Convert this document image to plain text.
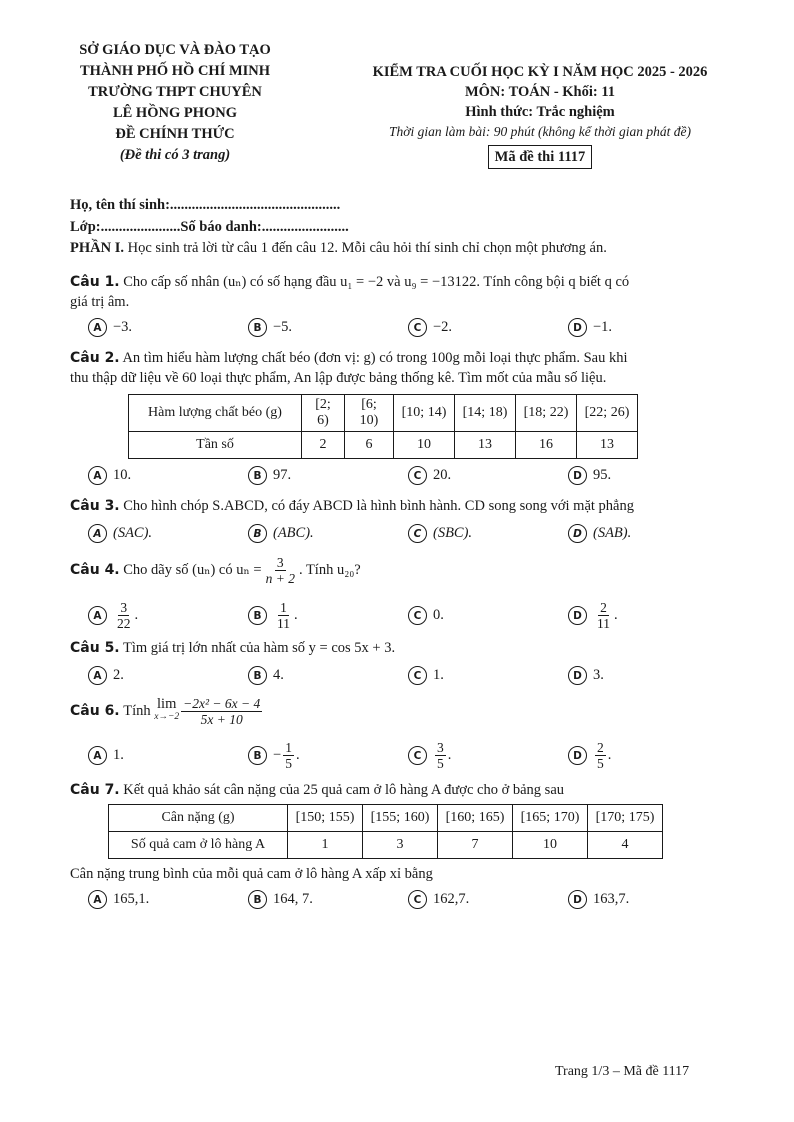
SỞ GIÁO DỤC VÀ ĐÀO TẠO
THÀNH PHỐ HỒ CHÍ MINH
TRƯỜNG THPT CHUYÊN
LÊ HỒNG PHONG
ĐỀ CHÍNH THỨC
(Đề thi có 3 trang)
KIỂM TRA CUỐI HỌC KỲ I NĂM HỌC 2025 - 2026
MÔN: TOÁN - Khối: 11
Hình thức: Trắc nghiệm
Thời gian làm bài: 90 phút (không kể thời gian phát đề)
Mã đề thi 1117
Họ, tên thí sinh:...............................................
Lớp:......................Số báo danh:........................
PHẦN I. Học sinh trả lời từ câu 1 đến câu 12. Mỗi câu hỏi thí sinh chỉ chọn một phương án.
Câu 1. Cho cấp số nhân (uₙ) có số hạng đầu u₁ = −2 và u₉ = −13122. Tính công bội q biết q có
giá trị âm.
A −3.	B −5.	C −2.	D −1.
Câu 2. An tìm hiểu hàm lượng chất béo (đơn vị: g) có trong 100g mỗi loại thực phẩm. Sau khi
thu thập dữ liệu về 60 loại thực phẩm, An lập được bảng thống kê. Tìm mốt của mẫu số liệu.
Hàm lượng chất béo (g)	[2; 6)	[6; 10)	[10; 14)	[14; 18)	[18; 22)	[22; 26)
Tần số	2	6	10	13	16	13
A 10.	B 97.	C 20.	D 95.
Câu 3. Cho hình chóp S.ABCD, có đáy ABCD là hình bình hành. CD song song với mặt phẳng
A (SAC).	B (ABC).	C (SBC).	D (SAB).
Câu 4.
Cho dãy số (uₙ) có $u_n = \frac{3}{n + 2}$ . Tính u₂₀?
A $\frac{3}{22}$ .	B	$\frac{1}{11}$ .	C 0.	D $\frac{2}{11}$ .
Câu 5. Tìm giá trị lớn nhất của hàm số y = cos 5x + 3.
A 2.	B 4.	C 1.	D 3.
Câu 6.
Tính
lim
$x\to-2 \frac{\text{−2x² − 6x − 4}}{5x + 10}$
A 1.	$B - \frac{1}{5}$ .	C	$\frac{3}{5}$ .	D $\frac{2}{5}$ .
Câu 7. Kết quả khảo sát cân nặng của 25 quả cam ở lô hàng A được cho ở bảng sau
Cân nặng (g)	[150; 155)	[155; 160)	[160; 165)	[165; 170)	[170; 175)
Số quả cam ở lô hàng A	1	3	7	10	4
Cân nặng trung bình của mỗi quả cam ở lô hàng A xấp xỉ bằng
A 165,1.	B 164, 7.	C 162,7.	D 163,7.
Trang 1/3 – Mã đề 1117
